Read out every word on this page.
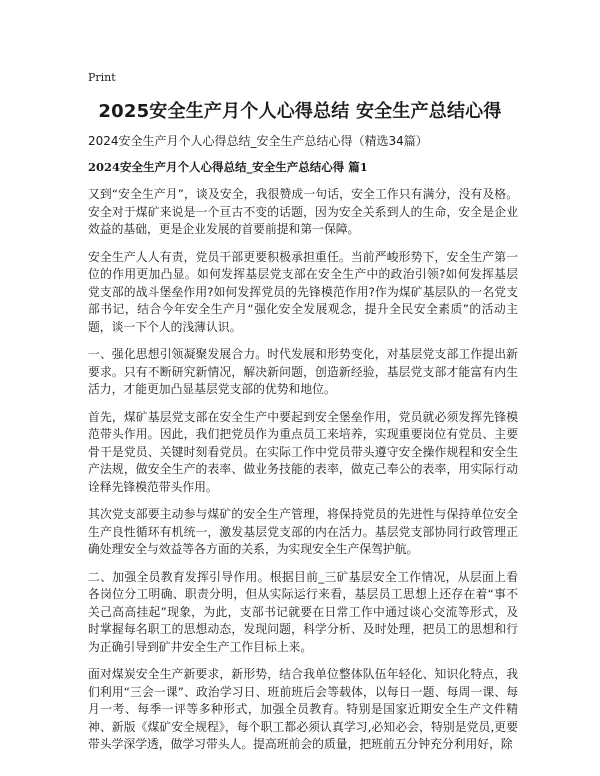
Print
2025安全生产月个人心得总结 安全生产总结心得

2024安全生产月个人心得总结_安全生产总结心得（精选34篇）

2024安全生产月个人心得总结_安全生产总结心得 篇1

又到“安全生产月”，谈及安全，我很赞成一句话，安全工作只有满分，没有及格。安全对于煤矿来说是一个亘古不变的话题，因为安全关系到人的生命，安全是企业效益的基础，更是企业发展的首要前提和第一保障。

安全生产人人有责，党员干部更要积极承担重任。当前严峻形势下，安全生产第一位的作用更加凸显。如何发挥基层党支部在安全生产中的政治引领?如何发挥基层党支部的战斗堡垒作用?如何发挥党员的先锋模范作用?作为煤矿基层队的一名党支部书记，结合今年安全生产月“强化安全发展观念，提升全民安全素质”的活动主题，谈一下个人的浅薄认识。

一、强化思想引领凝聚发展合力。时代发展和形势变化，对基层党支部工作提出新要求。只有不断研究新情况，解决新问题，创造新经验，基层党支部才能富有内生活力，才能更加凸显基层党支部的优势和地位。

首先，煤矿基层党支部在安全生产中要起到安全堡垒作用，党员就必须发挥先锋模范带头作用。因此，我们把党员作为重点员工来培养，实现重要岗位有党员、主要骨干是党员、关键时刻看党员。在实际工作中党员带头遵守安全操作规程和安全生产法规，做安全生产的表率、做业务技能的表率，做克己奉公的表率，用实际行动诠释先锋模范带头作用。

其次党支部要主动参与煤矿的安全生产管理，将保持党员的先进性与保持单位安全生产良性循环有机统一，激发基层党支部的内在活力。基层党支部协同行政管理正确处理安全与效益等各方面的关系，为实现安全生产保驾护航。

二、加强全员教育发挥引导作用。根据目前_三矿基层安全工作情况，从层面上看各岗位分工明确、职责分明，但从实际运行来看，基层员工思想上还存在着“事不关己高高挂起”现象，为此，支部书记就要在日常工作中通过谈心交流等形式，及时掌握每名职工的思想动态，发现问题，科学分析、及时处理，把员工的思想和行为正确引导到矿井安全生产工作目标上来。

面对煤炭安全生产新要求，新形势，结合我单位整体队伍年轻化、知识化特点，我们利用“三会一课”、政治学习日、班前班后会等载体，以每日一题、每周一课、每月一考、每季一评等多种形式，加强全员教育。特别是国家近期安全生产文件精神、新版《煤矿安全规程》，每个职工都必须认真学习,必知必会，特别是党员,更要带头学深学透，做学习带头人。提高班前会的质量，把班前五分钟充分利用好，除
